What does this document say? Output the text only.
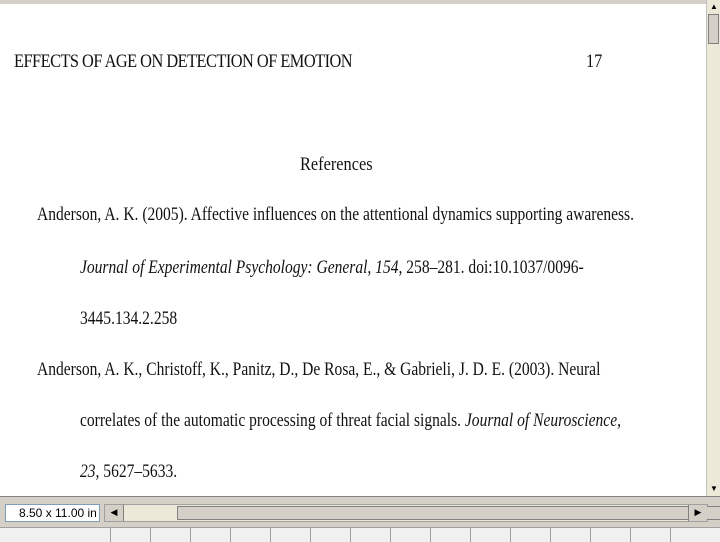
EFFECTS OF AGE ON DETECTION OF EMOTION	17
References
Anderson, A. K. (2005). Affective influences on the attentional dynamics supporting awareness.
Journal of Experimental Psychology: General, 154, 258–281. doi:10.1037/0096-
3445.134.2.258
Anderson, A. K., Christoff, K., Panitz, D., De Rosa, E., & Gabrieli, J. D. E. (2003). Neural
correlates of the automatic processing of threat facial signals. Journal of Neuroscience,
23, 5627–5633.
▲
▼
8.50 x 11.00 in	◀	▶
